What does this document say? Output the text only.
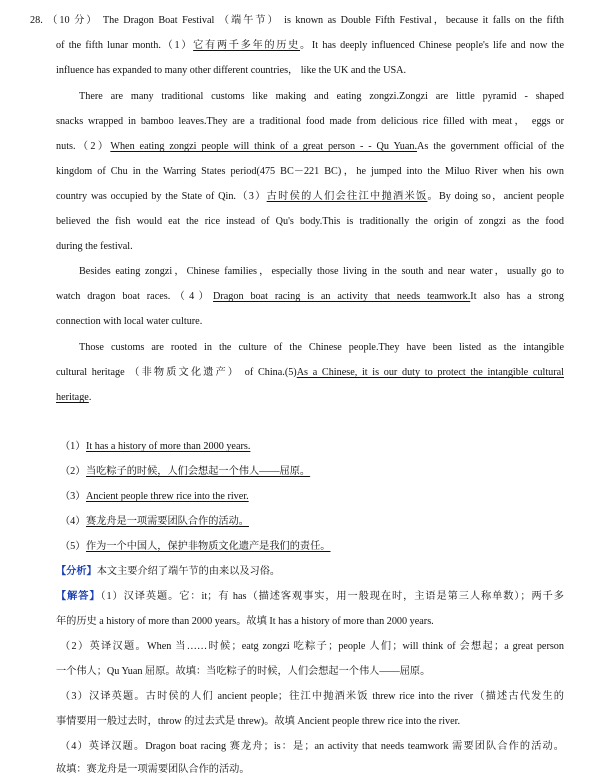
28. （10 分） The Dragon Boat Festival （端午节） is known as Double Fifth Festival，because it falls on the fifth
of the fifth lunar month.（1）它有两千多年的历史。It has deeply influenced Chinese people's life and now the
influence has expanded to many other different countries， like the UK and the USA.
There are many traditional customs like making and eating zongzi.Zongzi are little pyramid - shaped
snacks wrapped in bamboo leaves.They are a traditional food made from delicious rice filled with meat， eggs or
nuts.（2）When eating zongzi people will think of a great person - - Qu Yuan.As the government official of the
kingdom of Chu in the Warring States period(475 BC－221 BC)，he jumped into the Miluo River when his own
country was occupied by the State of Qin.（3）古时侯的人们会往江中抛酒米饭。By doing so，ancient people
believed the fish would eat the rice instead of Qu's body.This is traditionally the origin of zongzi as the food
during the festival.
Besides eating zongzi，Chinese families，especially those living in the south and near water，usually go to
watch dragon boat races.（4）Dragon boat racing is an activity that needs teamwork.It also has a strong
connection with local water culture.
Those customs are rooted in the culture of the Chinese people.They have been listed as the intangible
cultural heritage （非物质文化遗产） of China.(5)As a Chinese, it is our duty to protect the intangible cultural
heritage.
（1）It has a history of more than 2000 years.
（2）当吃粽子的时候，人们会想起一个伟人——屈原。
（3）Ancient people threw rice into the river.
（4）赛龙舟是一项需要团队合作的活动。
（5）作为一个中国人，保护非物质文化遗产是我们的责任。
【分析】本文主要介绍了端午节的由来以及习俗。
【解答】（1）汉译英题。它：it；有 has（描述客观事实，用一般现在时，主语是第三人称单数）；两千多
年的历史 a history of more than 2000 years。故填 It has a history of more than 2000 years.
（2）英译汉题。When 当……时候；eatg zongzi 吃粽子；people 人们；will think of 会想起；a great person
一个伟人；Qu Yuan 屈原。故填：当吃粽子的时候，人们会想起一个伟人——屈原。
（3）汉译英题。古时侯的人们 ancient people；往江中抛酒米饭 threw rice into the river（描述古代发生的
事情要用一般过去时，throw 的过去式是 threw)。故填 Ancient people threw rice into the river.
（4）英译汉题。Dragon boat racing 赛龙舟；is：是；an activity that needs teamwork 需要团队合作的活动。
故填：赛龙舟是一项需要团队合作的活动。
